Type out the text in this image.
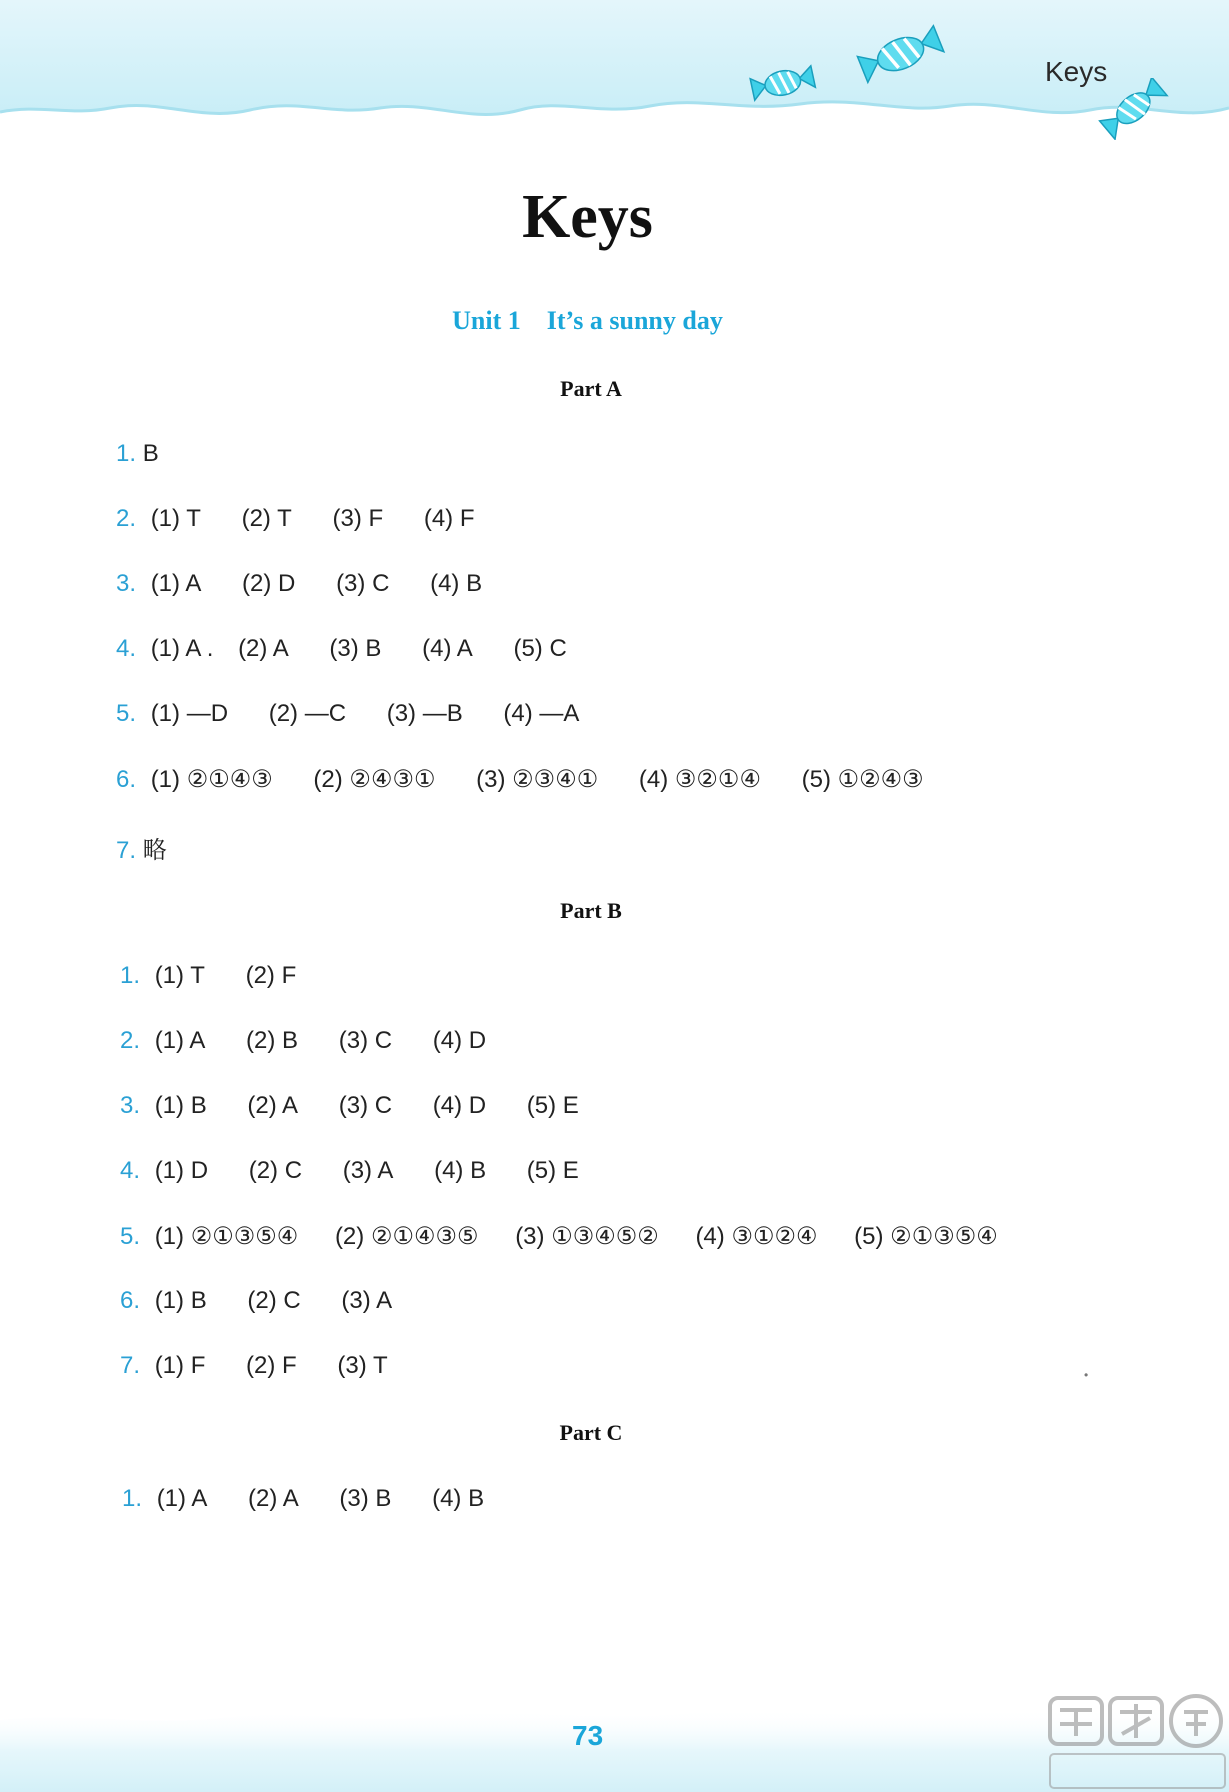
Keys
Keys
Unit 1    It’s a sunny day
Part A
1. B
2. (1) T (2) T (3) F (4) F
3. (1) A (2) D (3) C (4) B
4. (1) A . (2) A (3) B (4) A (5) C
5. (1) —D (2) —C (3) —B (4) —A
6. (1) ②①④③ (2) ②④③① (3) ②③④① (4) ③②①④ (5) ①②④③
7. 略
Part B
1. (1) T (2) F
2. (1) A (2) B (3) C (4) D
3. (1) B (2) A (3) C (4) D (5) E
4. (1) D (2) C (3) A (4) B (5) E
5. (1) ②①③⑤④ (2) ②①④③⑤ (3) ①③④⑤② (4) ③①②④ (5) ②①③⑤④
6. (1) B (2) C (3) A
7. (1) F (2) F (3) T	•
Part C
1. (1) A (2) A (3) B (4) B
73
